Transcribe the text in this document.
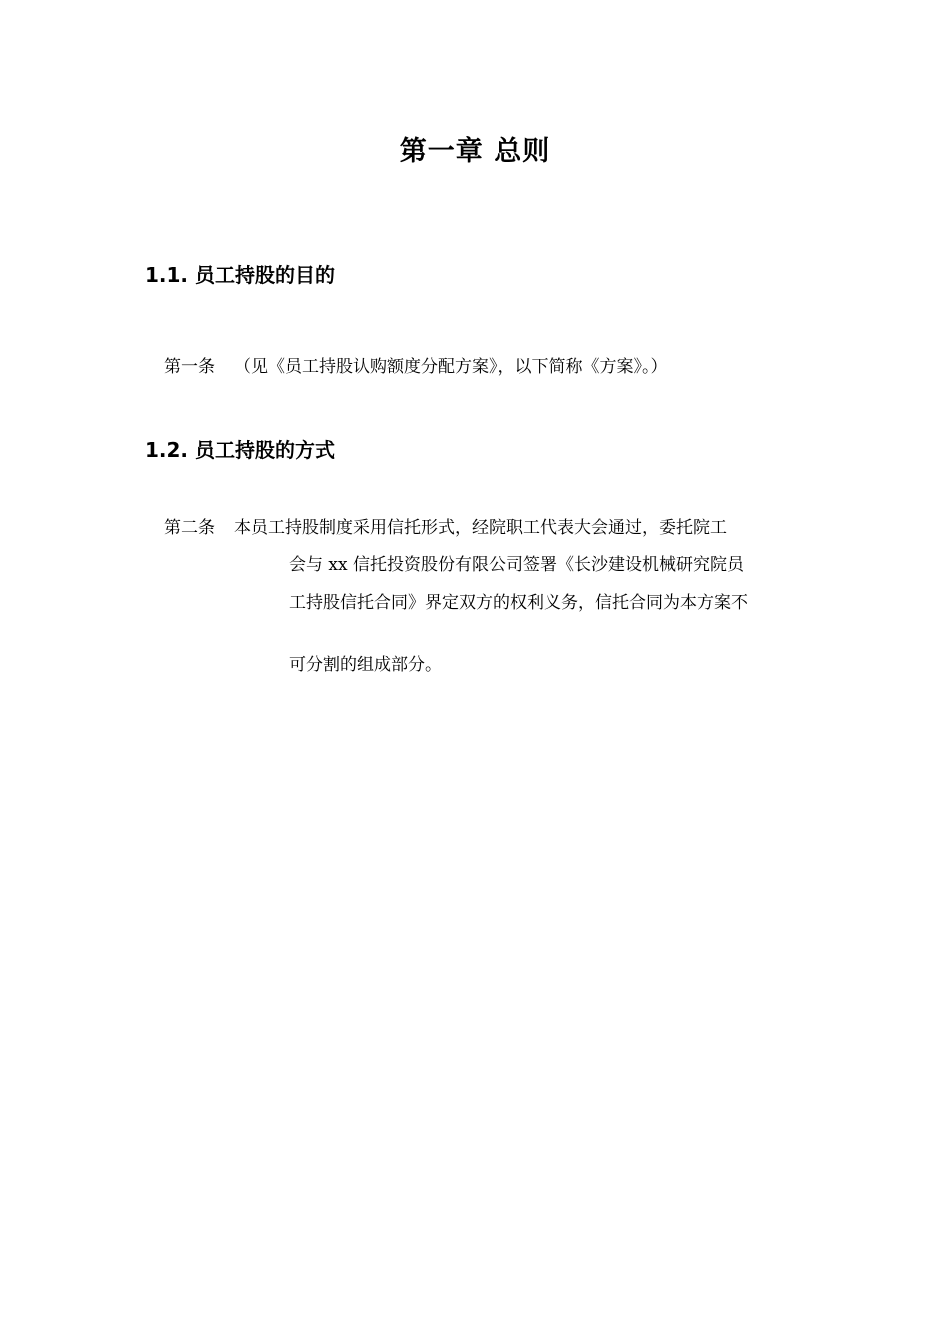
第一章 总则
1.1. 员工持股的目的
第一条 （见《员工持股认购额度分配方案》，以下简称《方案》。）
1.2. 员工持股的方式
第二条 本员工持股制度采用信托形式，经院职工代表大会通过，委托院工
会与 xx 信托投资股份有限公司签署《长沙建设机械研究院员
工持股信托合同》界定双方的权利义务，信托合同为本方案不
可分割的组成部分。
